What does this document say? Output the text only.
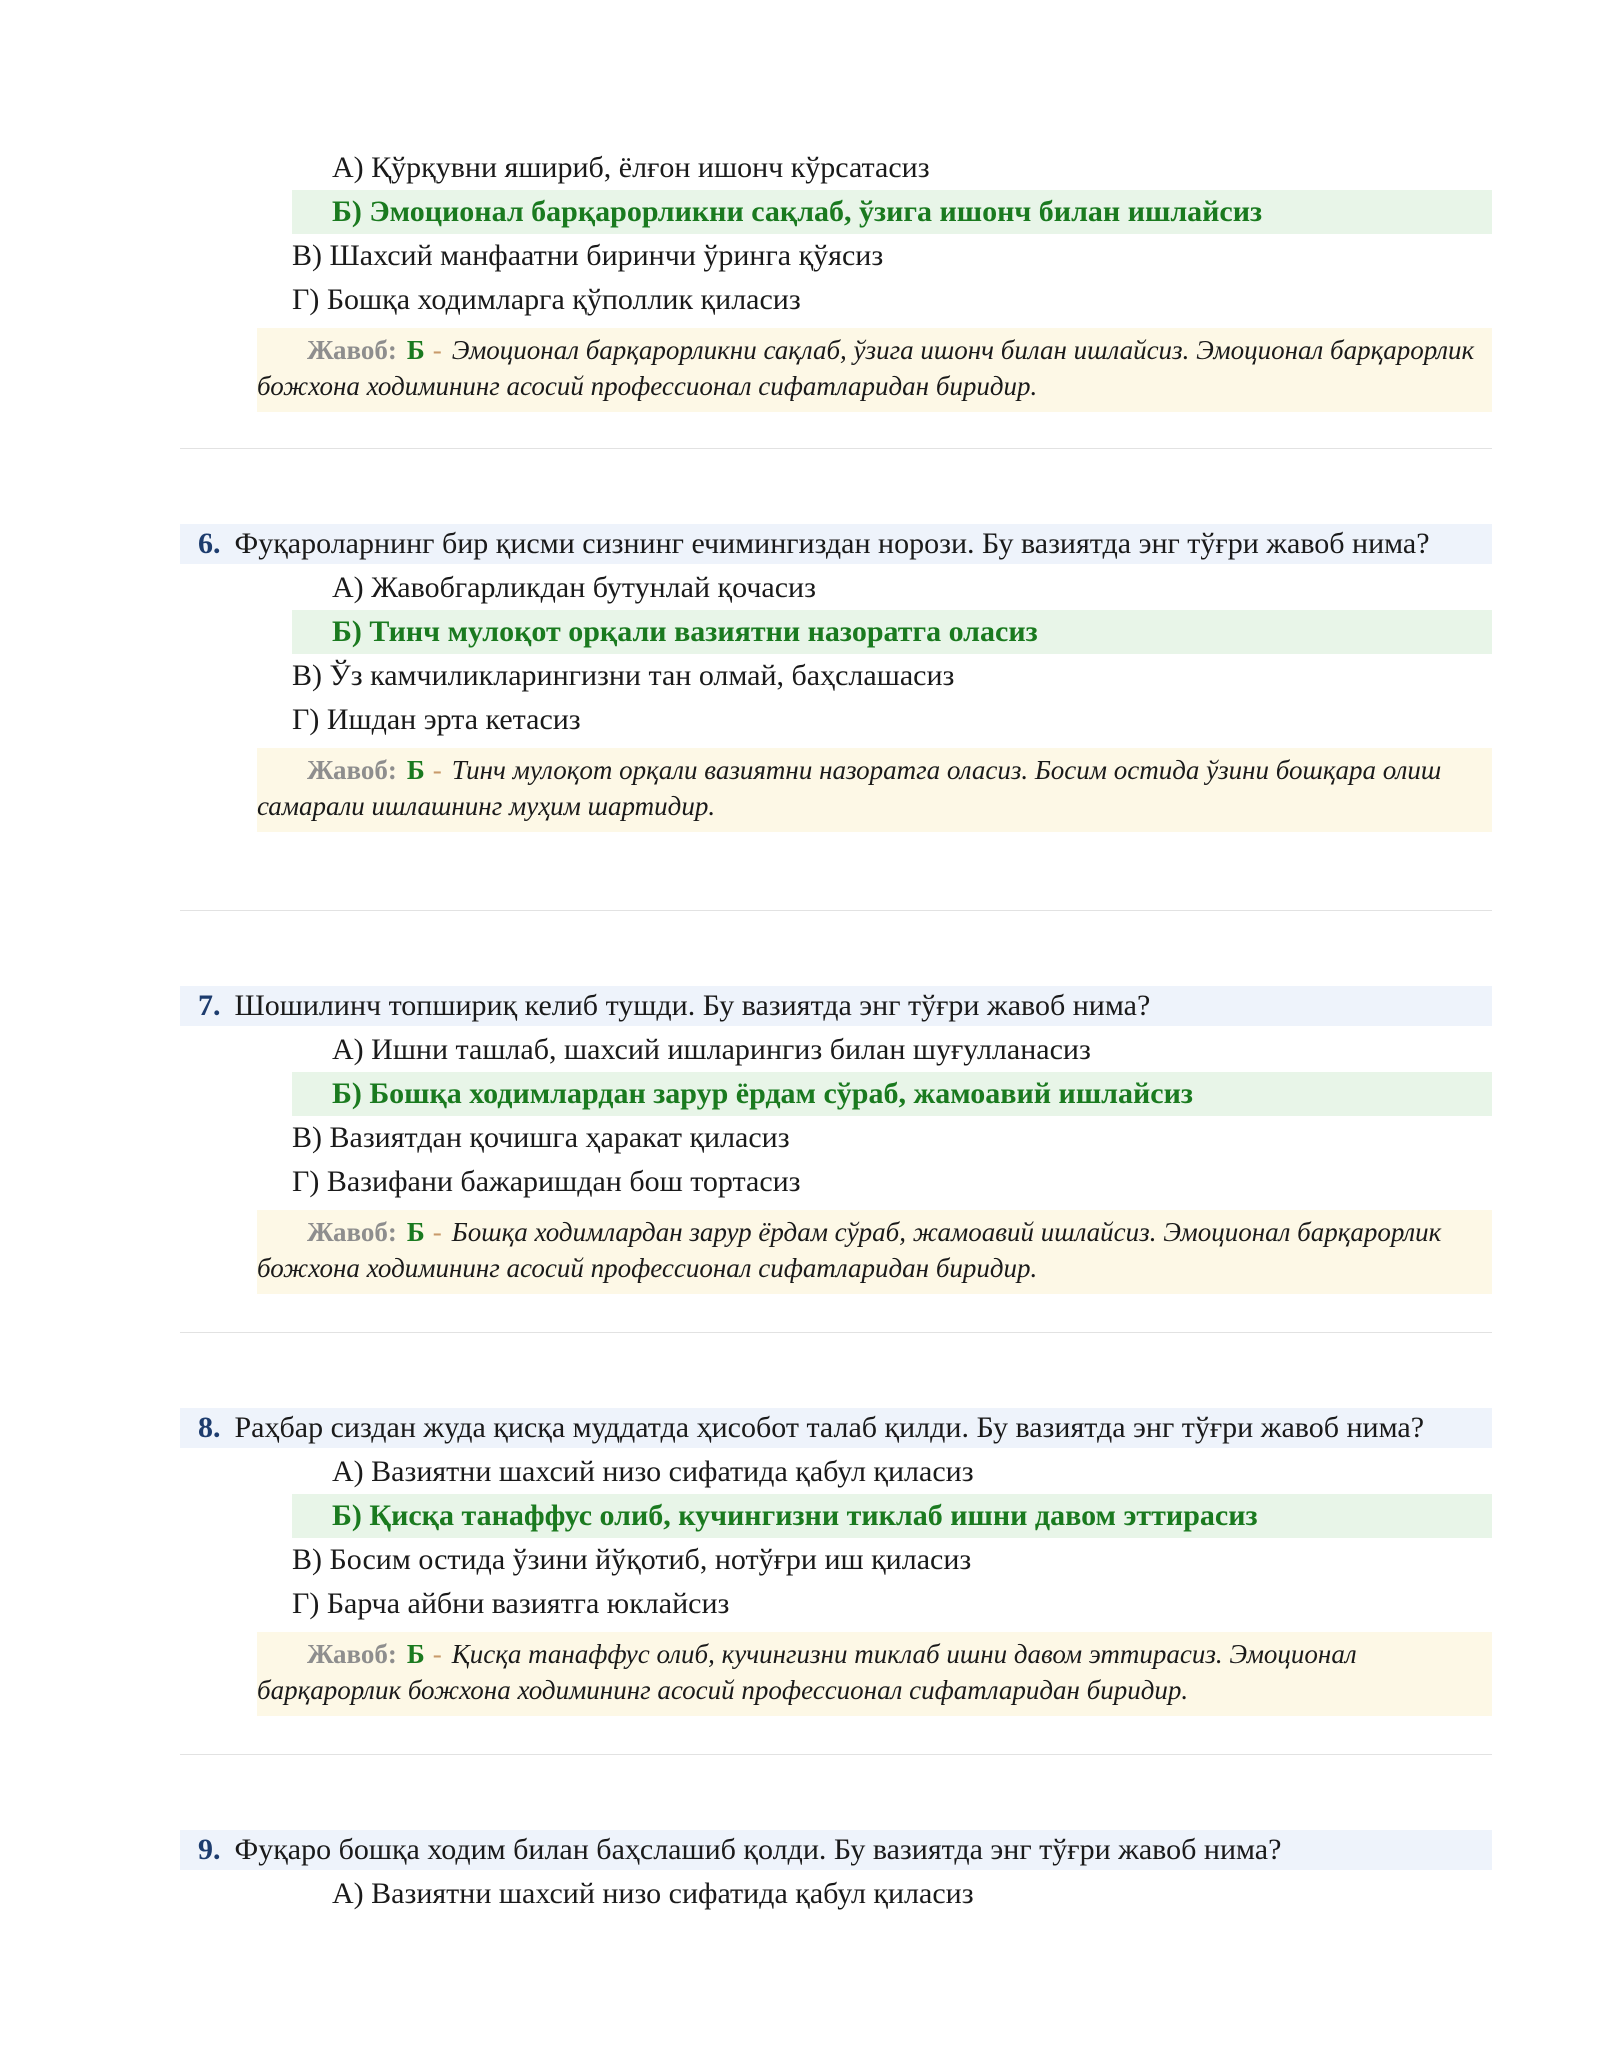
А) Қўрқувни яшириб, ёлғон ишонч кўрсатасиз
Б) Эмоционал барқарорликни сақлаб, ўзига ишонч билан ишлайсиз
В) Шахсий манфаатни биринчи ўринга қўясиз
Г) Бошқа ходимларга қўполлик қиласиз
Жавоб: Б - Эмоционал барқарорликни сақлаб, ўзига ишонч билан ишлайсиз. Эмоционал барқарорлик божхона ходимининг асосий профессионал сифатларидан биридир.
6. Фуқароларнинг бир қисми сизнинг ечимингиздан норози. Бу вазиятда энг тўғри жавоб нима?
А) Жавобгарликдан бутунлай қочасиз
Б) Тинч мулоқот орқали вазиятни назоратга оласиз
В) Ўз камчиликларингизни тан олмай, баҳслашасиз
Г) Ишдан эрта кетасиз
Жавоб: Б - Тинч мулоқот орқали вазиятни назоратга оласиз. Босим остида ўзини бошқара олиш самарали ишлашнинг муҳим шартидир.
7. Шошилинч топшириқ келиб тушди. Бу вазиятда энг тўғри жавоб нима?
А) Ишни ташлаб, шахсий ишларингиз билан шуғулланасиз
Б) Бошқа ходимлардан зарур ёрдам сўраб, жамоавий ишлайсиз
В) Вазиятдан қочишга ҳаракат қиласиз
Г) Вазифани бажаришдан бош тортасиз
Жавоб: Б - Бошқа ходимлардан зарур ёрдам сўраб, жамоавий ишлайсиз. Эмоционал барқарорлик божхона ходимининг асосий профессионал сифатларидан биридир.
8. Раҳбар сиздан жуда қисқа муддатда ҳисобот талаб қилди. Бу вазиятда энг тўғри жавоб нима?
А) Вазиятни шахсий низо сифатида қабул қиласиз
Б) Қисқа танаффус олиб, кучингизни тиклаб ишни давом эттирасиз
В) Босим остида ўзини йўқотиб, нотўғри иш қиласиз
Г) Барча айбни вазиятга юклайсиз
Жавоб: Б - Қисқа танаффус олиб, кучингизни тиклаб ишни давом эттирасиз. Эмоционал барқарорлик божхона ходимининг асосий профессионал сифатларидан биридир.
9. Фуқаро бошқа ходим билан баҳслашиб қолди. Бу вазиятда энг тўғри жавоб нима?
А) Вазиятни шахсий низо сифатида қабул қиласиз
